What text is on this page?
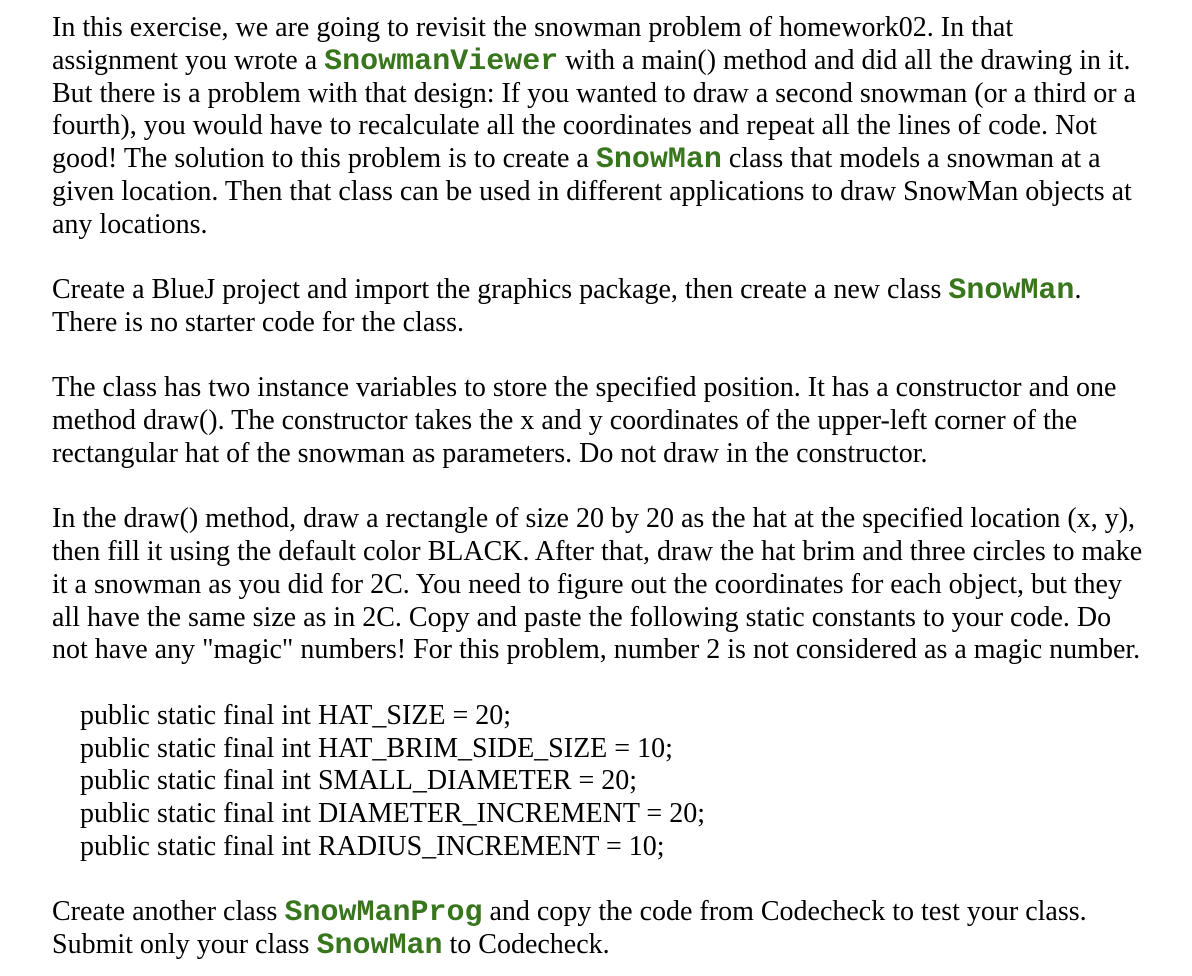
In this exercise, we are going to revisit the snowman problem of homework02. In that
assignment you wrote a SnowmanViewer with a main() method and did all the drawing in it.
But there is a problem with that design: If you wanted to draw a second snowman (or a third or a
fourth), you would have to recalculate all the coordinates and repeat all the lines of code. Not
good! The solution to this problem is to create a SnowMan class that models a snowman at a
given location. Then that class can be used in different applications to draw SnowMan objects at
any locations.
Create a BlueJ project and import the graphics package, then create a new class SnowMan.
There is no starter code for the class.
The class has two instance variables to store the specified position. It has a constructor and one
method draw(). The constructor takes the x and y coordinates of the upper-left corner of the
rectangular hat of the snowman as parameters. Do not draw in the constructor.
In the draw() method, draw a rectangle of size 20 by 20 as the hat at the specified location (x, y),
then fill it using the default color BLACK. After that, draw the hat brim and three circles to make
it a snowman as you did for 2C. You need to figure out the coordinates for each object, but they
all have the same size as in 2C. Copy and paste the following static constants to your code. Do
not have any "magic" numbers! For this problem, number 2 is not considered as a magic number.
public static final int HAT_SIZE = 20;
public static final int HAT_BRIM_SIDE_SIZE = 10;
public static final int SMALL_DIAMETER = 20;
public static final int DIAMETER_INCREMENT = 20;
public static final int RADIUS_INCREMENT = 10;
Create another class SnowManProg and copy the code from Codecheck to test your class.
Submit only your class SnowMan to Codecheck.
